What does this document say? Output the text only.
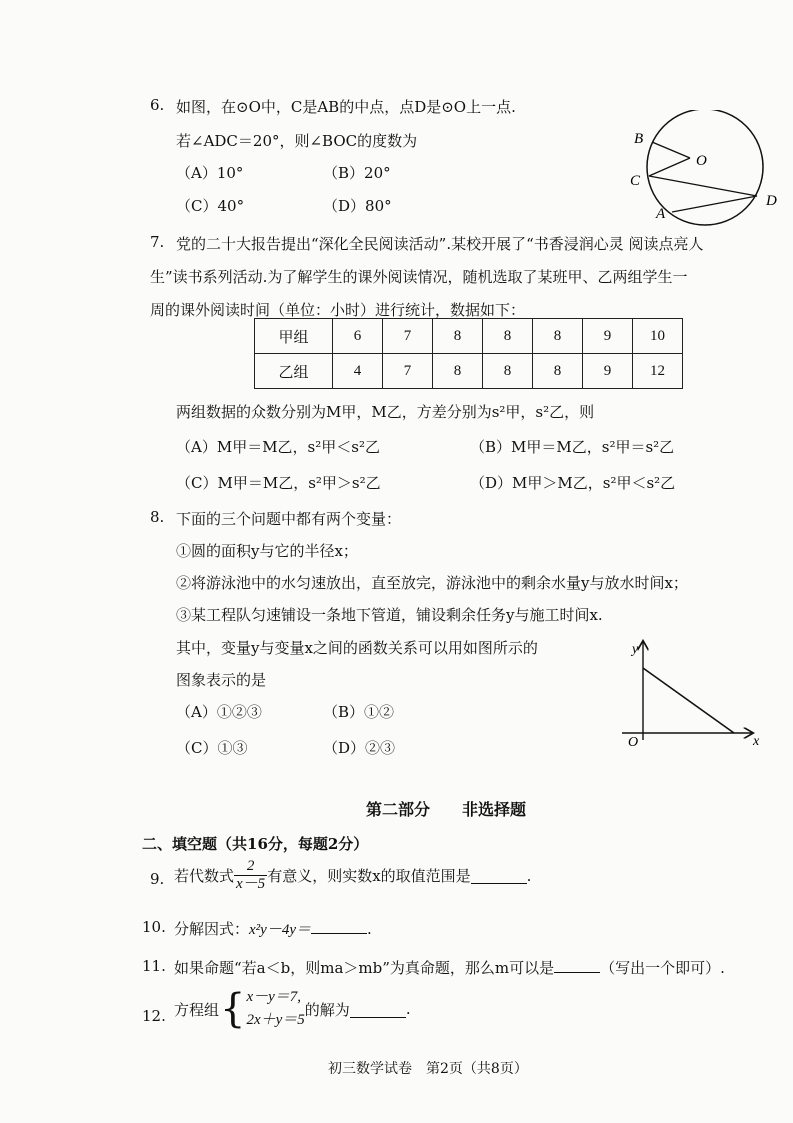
6. 如图，在⊙O中，C是AB的中点，点D是⊙O上一点.
若∠ADC＝20°，则∠BOC的度数为
（A）10°	（B）20°
（C）40°	（D）80°
B
O
C
A
D
7. 党的二十大报告提出“深化全民阅读活动”.某校开展了“书香浸润心灵 阅读点亮人
生”读书系列活动.为了解学生的课外阅读情况，随机选取了某班甲、乙两组学生一
周的课外阅读时间（单位：小时）进行统计，数据如下：
甲组	6	7	8	8	8	9	10
乙组	4	7	8	8	8	9	12
两组数据的众数分别为M甲，M乙，方差分别为s²甲，s²乙，则
（A）M甲＝M乙，s²甲＜s²乙	（B）M甲＝M乙，s²甲＝s²乙
（C）M甲＝M乙，s²甲＞s²乙	（D）M甲＞M乙，s²甲＜s²乙
8. 下面的三个问题中都有两个变量：
①圆的面积y与它的半径x；
②将游泳池中的水匀速放出，直至放完，游泳池中的剩余水量y与放水时间x；
③某工程队匀速铺设一条地下管道，铺设剩余任务y与施工时间x.
其中，变量y与变量x之间的函数关系可以用如图所示的
图象表示的是
（A）①②③	（B）①②
（C）①③	（D）②③
y
x
O
第二部分　　非选择题
二、填空题（共16分，每题2分）
9. 若代数式 $\frac{2}{x-5}$ 有意义，则实数x的取值范围是	.
10. 分解因式：x²y－4y＝	.
11. 如果命题“若a＜b，则ma＞mb”为真命题，那么m可以是	（写出一个即可）.
12. 方程组 { x－y＝7,
2x＋y＝5
的解为	.
初三数学试卷　第2页（共8页）
